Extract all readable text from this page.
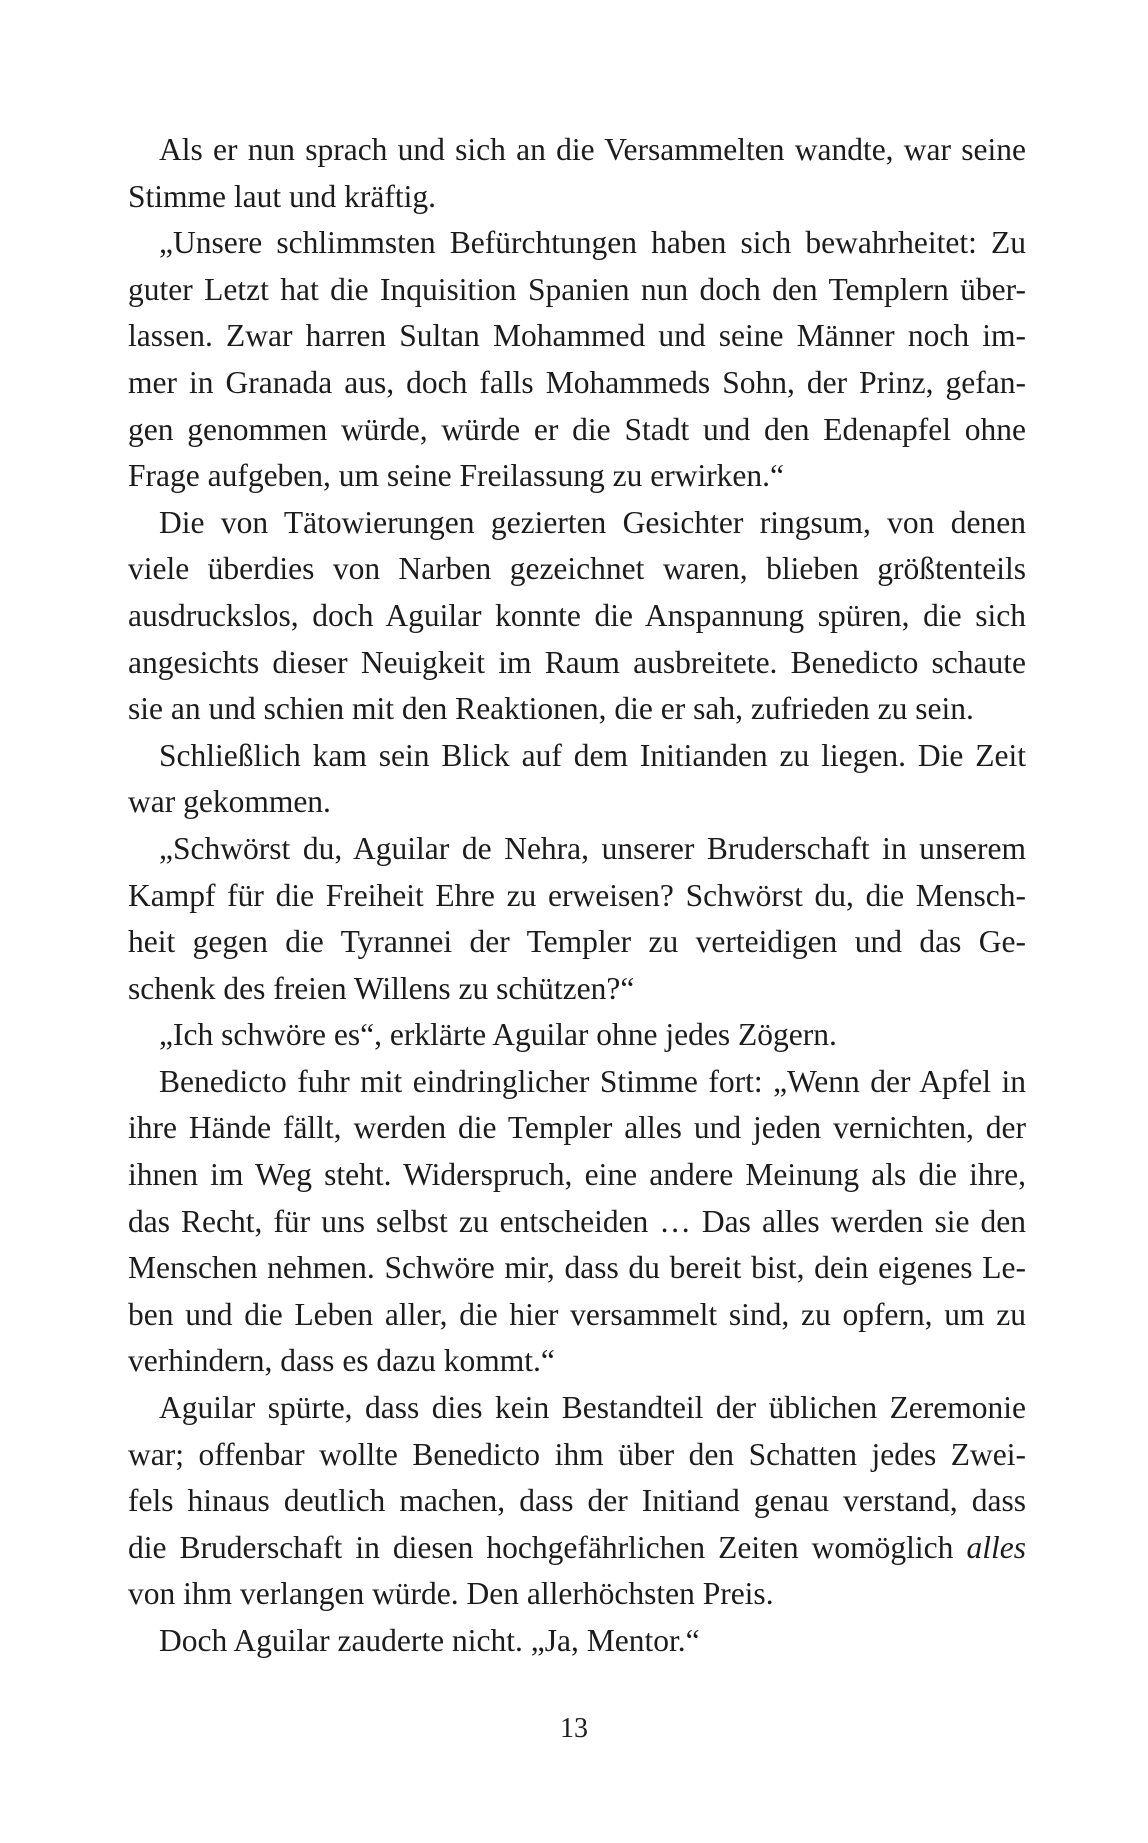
Als er nun sprach und sich an die Versammelten wandte, war seine
Stimme laut und kräftig.
„Unsere schlimmsten Befürchtungen haben sich bewahrheitet: Zu
guter Letzt hat die Inquisition Spanien nun doch den Templern über-
lassen. Zwar harren Sultan Mohammed und seine Männer noch im-
mer in Granada aus, doch falls Mohammeds Sohn, der Prinz, gefan-
gen genommen würde, würde er die Stadt und den Edenapfel ohne
Frage aufgeben, um seine Freilassung zu erwirken.“
Die von Tätowierungen gezierten Gesichter ringsum, von denen
viele überdies von Narben gezeichnet waren, blieben größtenteils
ausdruckslos, doch Aguilar konnte die Anspannung spüren, die sich
angesichts dieser Neuigkeit im Raum ausbreitete. Benedicto schaute
sie an und schien mit den Reaktionen, die er sah, zufrieden zu sein.
Schließlich kam sein Blick auf dem Initianden zu liegen. Die Zeit
war gekommen.
„Schwörst du, Aguilar de Nehra, unserer Bruderschaft in unserem
Kampf für die Freiheit Ehre zu erweisen? Schwörst du, die Mensch-
heit gegen die Tyrannei der Templer zu verteidigen und das Ge-
schenk des freien Willens zu schützen?“
„Ich schwöre es“, erklärte Aguilar ohne jedes Zögern.
Benedicto fuhr mit eindringlicher Stimme fort: „Wenn der Apfel in
ihre Hände fällt, werden die Templer alles und jeden vernichten, der
ihnen im Weg steht. Widerspruch, eine andere Meinung als die ihre,
das Recht, für uns selbst zu entscheiden … Das alles werden sie den
Menschen nehmen. Schwöre mir, dass du bereit bist, dein eigenes Le-
ben und die Leben aller, die hier versammelt sind, zu opfern, um zu
verhindern, dass es dazu kommt.“
Aguilar spürte, dass dies kein Bestandteil der üblichen Zeremonie
war; offenbar wollte Benedicto ihm über den Schatten jedes Zwei-
fels hinaus deutlich machen, dass der Initiand genau verstand, dass
die Bruderschaft in diesen hochgefährlichen Zeiten womöglich alles
von ihm verlangen würde. Den allerhöchsten Preis.
Doch Aguilar zauderte nicht. „Ja, Mentor.“
13
